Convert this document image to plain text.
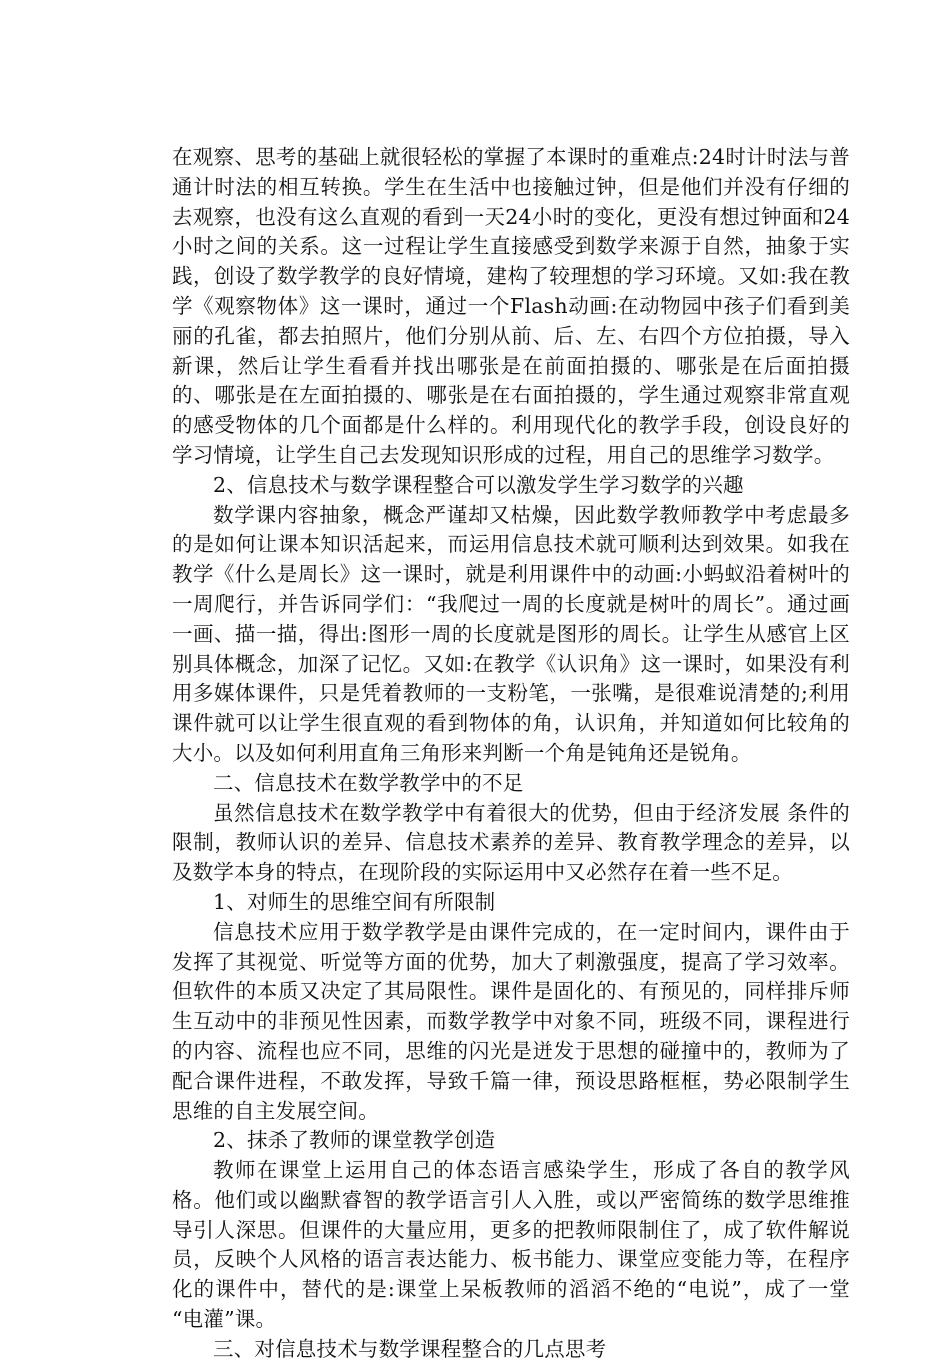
在观察、思考的基础上就很轻松的掌握了本课时的重难点:24时计时法与普通计时法的相互转换。学生在生活中也接触过钟，但是他们并没有仔细的去观察，也没有这么直观的看到一天24小时的变化，更没有想过钟面和24小时之间的关系。这一过程让学生直接感受到数学来源于自然，抽象于实践，创设了数学教学的良好情境，建构了较理想的学习环境。又如:我在教学《观察物体》这一课时，通过一个Flash动画:在动物园中孩子们看到美丽的孔雀，都去拍照片，他们分别从前、后、左、右四个方位拍摄，导入新课，然后让学生看看并找出哪张是在前面拍摄的、哪张是在后面拍摄的、哪张是在左面拍摄的、哪张是在右面拍摄的，学生通过观察非常直观的感受物体的几个面都是什么样的。利用现代化的教学手段，创设良好的学习情境，让学生自己去发现知识形成的过程，用自己的思维学习数学。

2、信息技术与数学课程整合可以激发学生学习数学的兴趣

数学课内容抽象，概念严谨却又枯燥，因此数学教师教学中考虑最多的是如何让课本知识活起来，而运用信息技术就可顺利达到效果。如我在教学《什么是周长》这一课时，就是利用课件中的动画:小蚂蚁沿着树叶的一周爬行，并告诉同学们：“我爬过一周的长度就是树叶的周长”。通过画一画、描一描，得出:图形一周的长度就是图形的周长。让学生从感官上区别具体概念，加深了记忆。又如:在教学《认识角》这一课时，如果没有利用多媒体课件，只是凭着教师的一支粉笔，一张嘴，是很难说清楚的;利用课件就可以让学生很直观的看到物体的角，认识角，并知道如何比较角的大小。以及如何利用直角三角形来判断一个角是钝角还是锐角。

二、信息技术在数学教学中的不足

虽然信息技术在数学教学中有着很大的优势，但由于经济发展 条件的限制，教师认识的差异、信息技术素养的差异、教育教学理念的差异，以及数学本身的特点，在现阶段的实际运用中又必然存在着一些不足。

1、对师生的思维空间有所限制

信息技术应用于数学教学是由课件完成的，在一定时间内，课件由于发挥了其视觉、听觉等方面的优势，加大了刺激强度，提高了学习效率。但软件的本质又决定了其局限性。课件是固化的、有预见的，同样排斥师生互动中的非预见性因素，而数学教学中对象不同，班级不同，课程进行的内容、流程也应不同，思维的闪光是迸发于思想的碰撞中的，教师为了配合课件进程，不敢发挥，导致千篇一律，预设思路框框，势必限制学生思维的自主发展空间。

2、抹杀了教师的课堂教学创造

教师在课堂上运用自己的体态语言感染学生，形成了各自的教学风格。他们或以幽默睿智的教学语言引人入胜，或以严密简练的数学思维推导引人深思。但课件的大量应用，更多的把教师限制住了，成了软件解说员，反映个人风格的语言表达能力、板书能力、课堂应变能力等，在程序化的课件中，替代的是:课堂上呆板教师的滔滔不绝的“电说”，成了一堂 “电灌”课。

三、对信息技术与数学课程整合的几点思考
